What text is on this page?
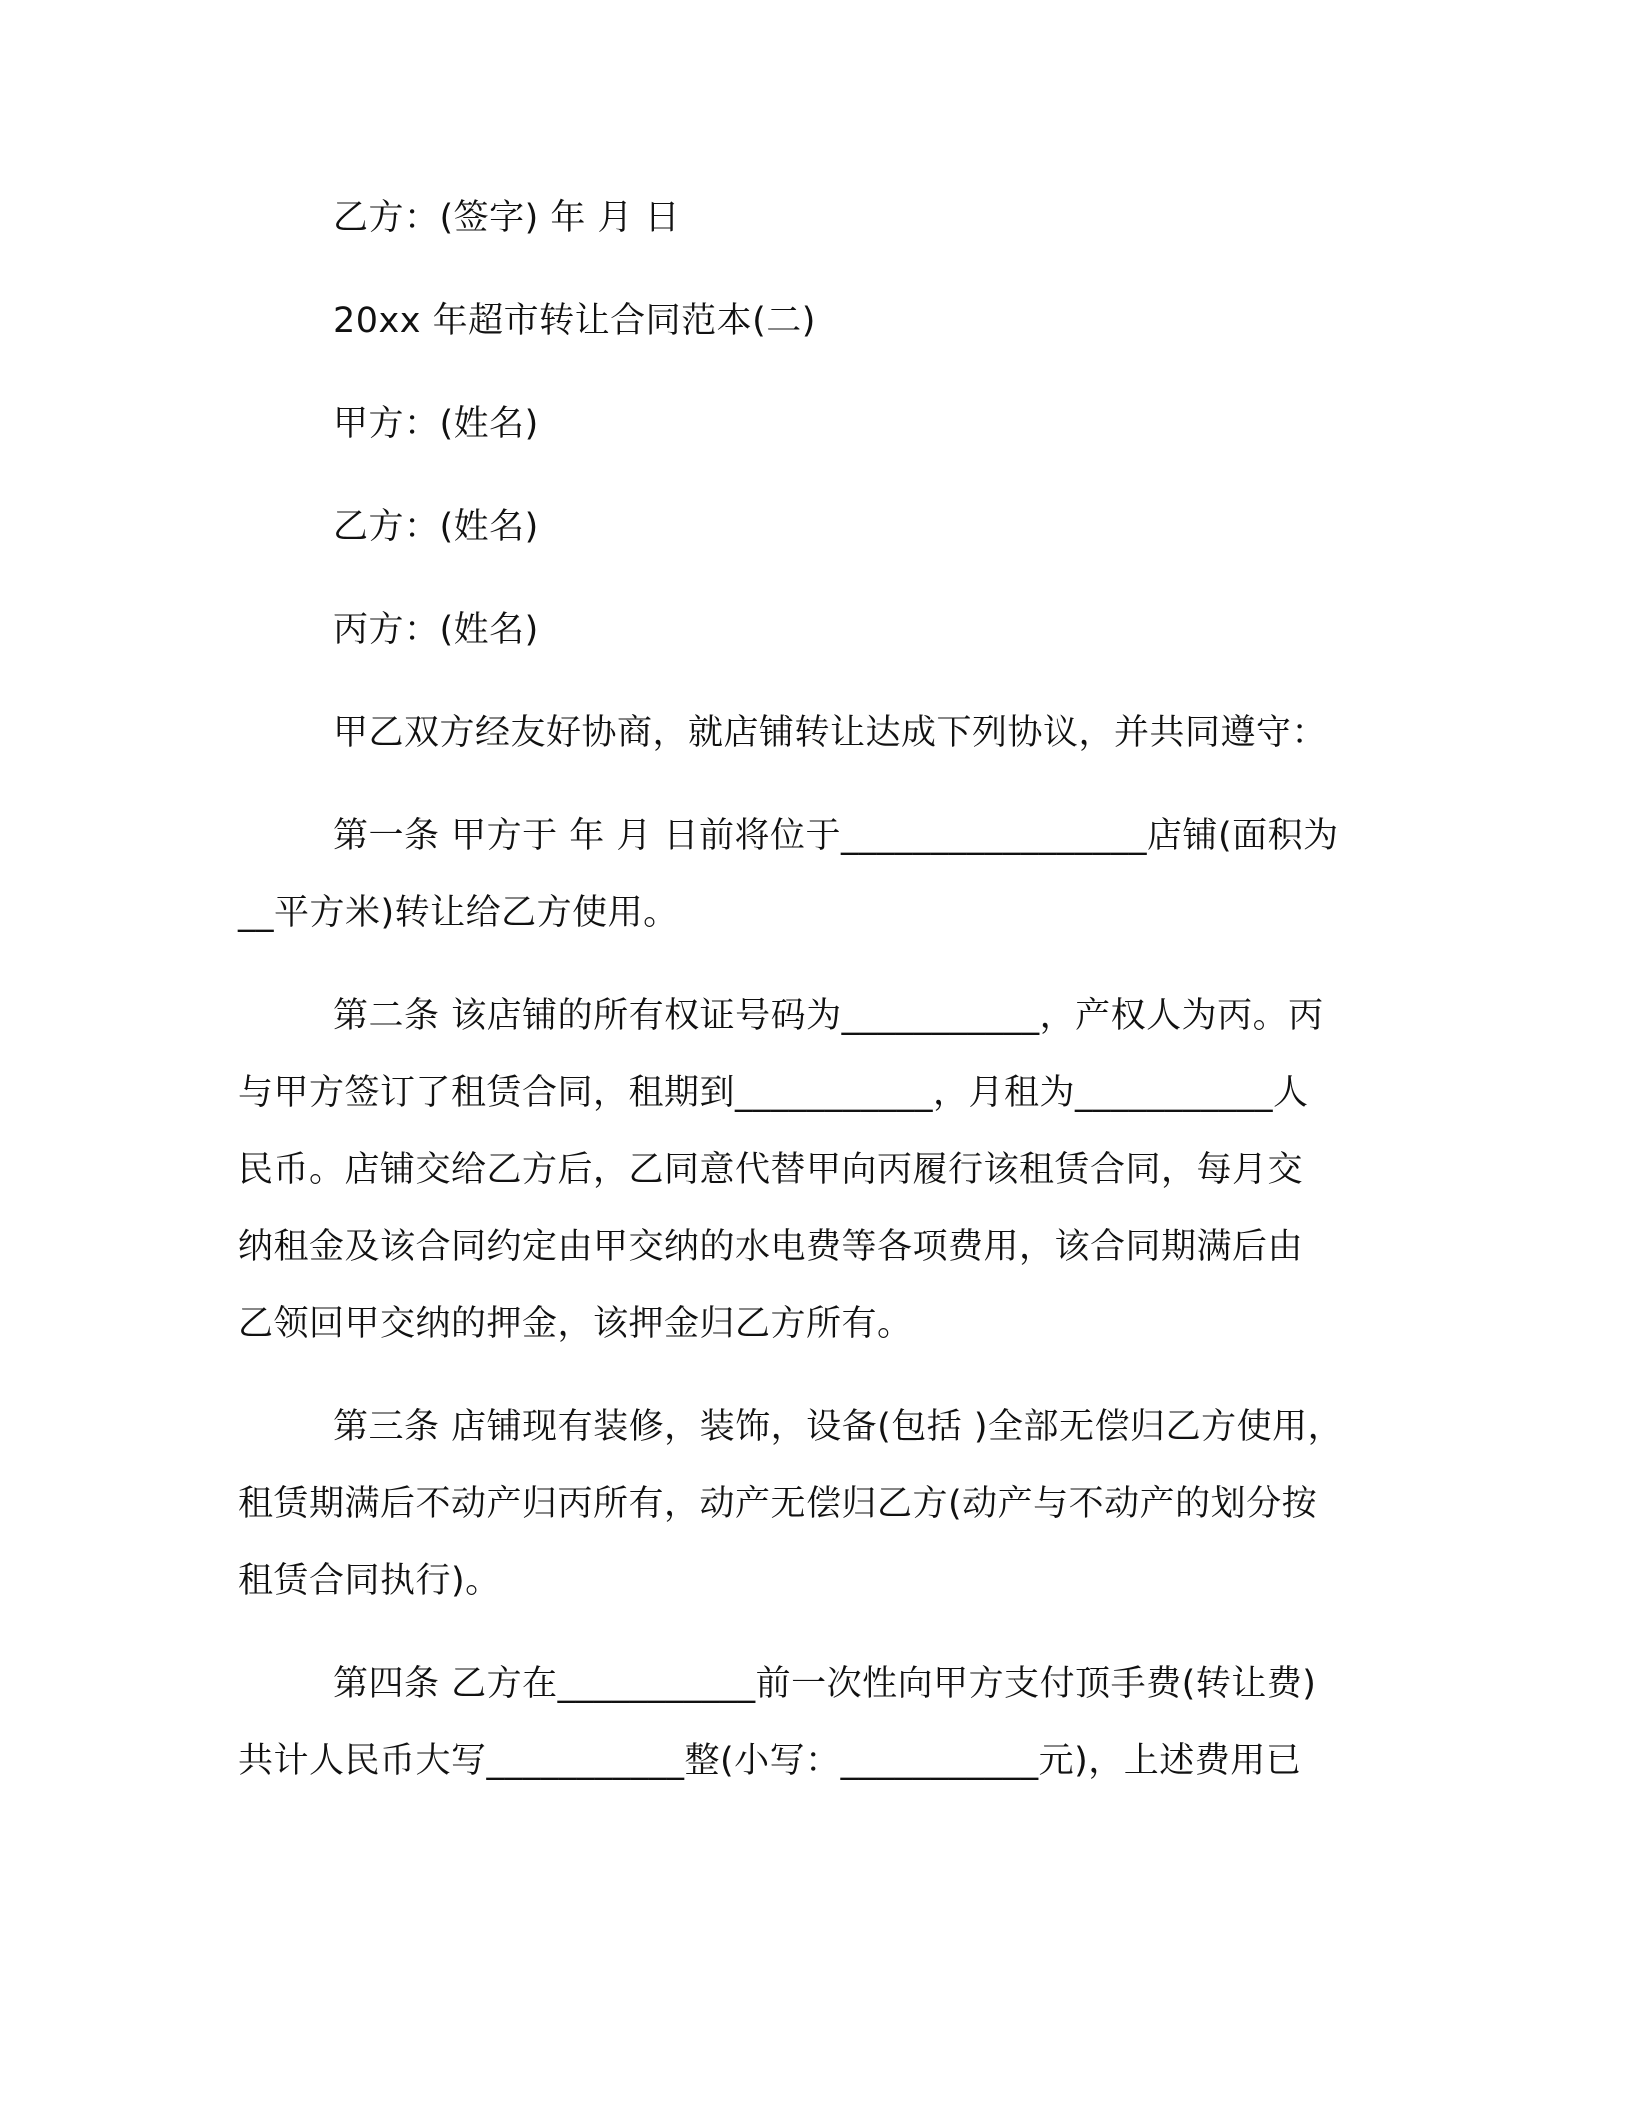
乙方：(签字) 年 月 日
20xx 年超市转让合同范本(二)
甲方：(姓名)
乙方：(姓名)
丙方：(姓名)
甲乙双方经友好协商，就店铺转让达成下列协议，并共同遵守：
第一条 甲方于 年 月 日前将位于_________________店铺(面积为
__平方米)转让给乙方使用。
第二条 该店铺的所有权证号码为___________，产权人为丙。丙
与甲方签订了租赁合同，租期到___________，月租为___________人
民币。店铺交给乙方后，乙同意代替甲向丙履行该租赁合同，每月交
纳租金及该合同约定由甲交纳的水电费等各项费用，该合同期满后由
乙领回甲交纳的押金，该押金归乙方所有。
第三条 店铺现有装修，装饰，设备(包括 )全部无偿归乙方使用，
租赁期满后不动产归丙所有，动产无偿归乙方(动产与不动产的划分按
租赁合同执行)。
第四条 乙方在___________前一次性向甲方支付顶手费(转让费)
共计人民币大写___________整(小写：___________元)，上述费用已
